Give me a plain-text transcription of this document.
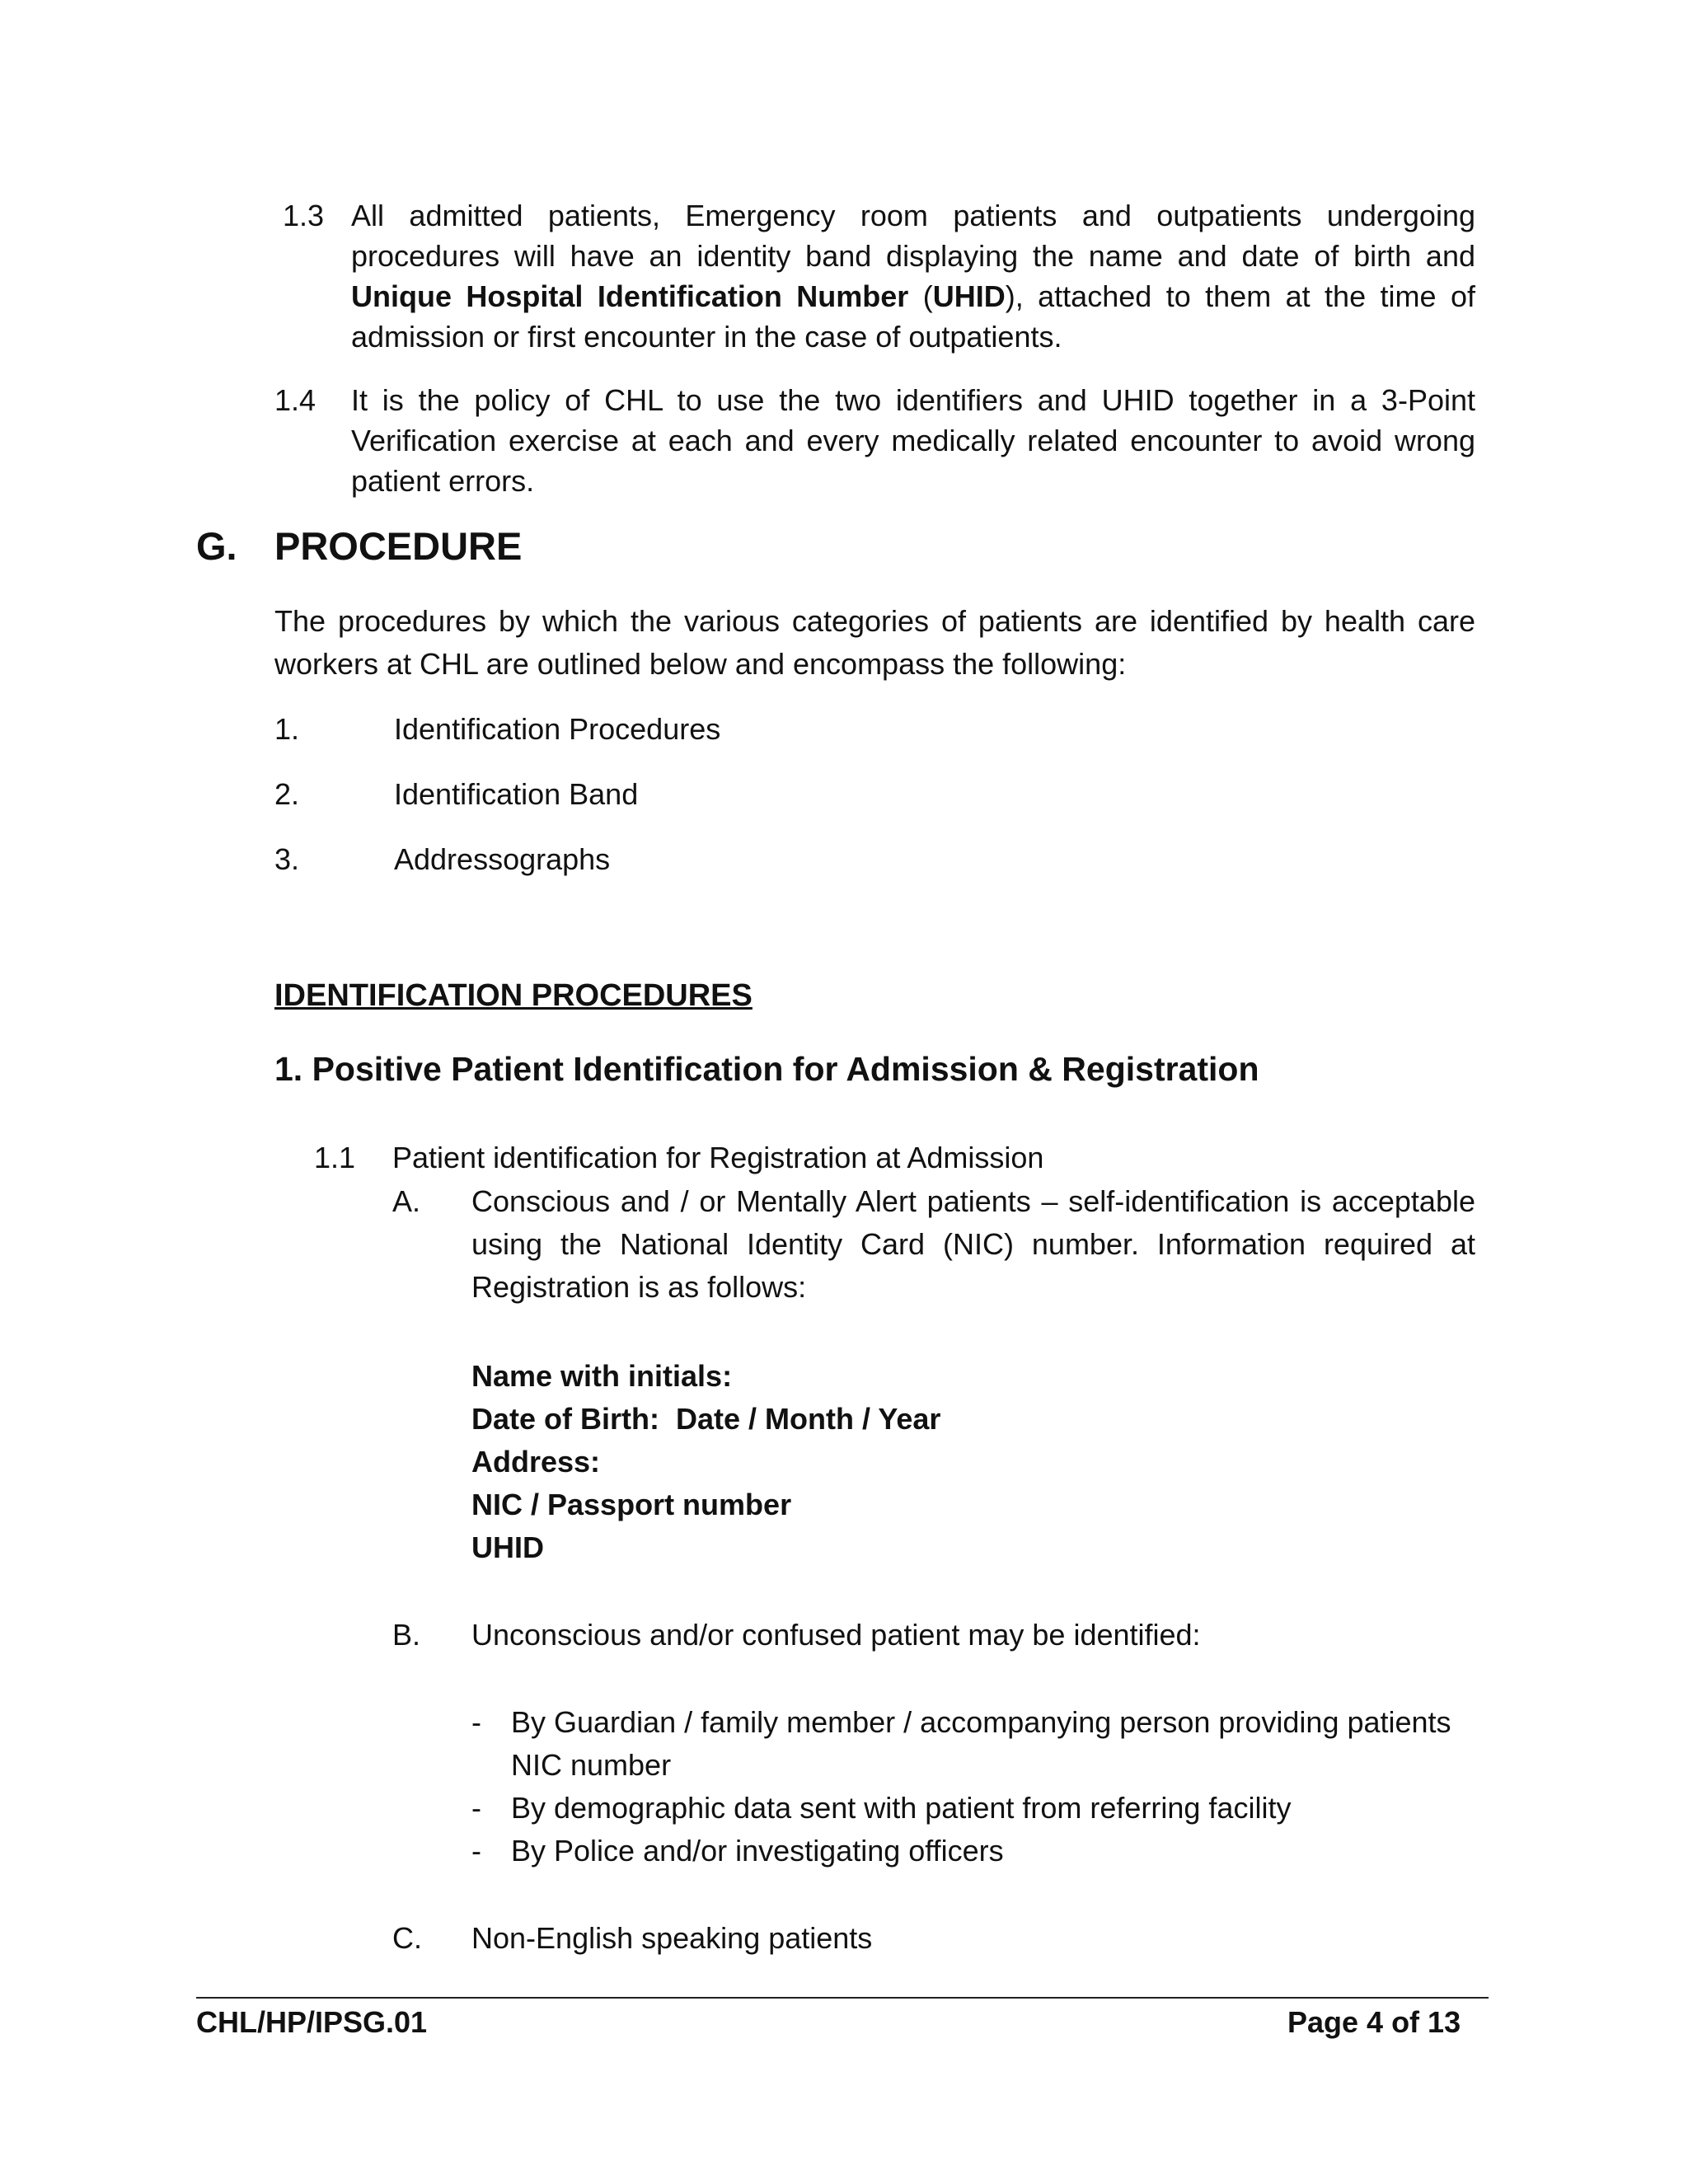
1.3 All admitted patients, Emergency room patients and outpatients undergoing procedures will have an identity band displaying the name and date of birth and Unique Hospital Identification Number (UHID), attached to them at the time of admission or first encounter in the case of outpatients.

1.4 It is the policy of CHL to use the two identifiers and UHID together in a 3-Point Verification exercise at each and every medically related encounter to avoid wrong patient errors.

G. PROCEDURE

The procedures by which the various categories of patients are identified by health care workers at CHL are outlined below and encompass the following:

1.	Identification Procedures
2.	Identification Band
3.	Addressographs
IDENTIFICATION PROCEDURES
1. Positive Patient Identification for Admission & Registration
1.1 Patient identification for Registration at Admission
A. Conscious and / or Mentally Alert patients – self-identification is acceptable using the National Identity Card (NIC) number. Information required at Registration is as follows:

Name with initials:
Date of Birth:  Date / Month / Year
Address:
NIC / Passport number
UHID
B. Unconscious and/or confused patient may be identified:
- By Guardian / family member / accompanying person providing patients NIC number
- By demographic data sent with patient from referring facility
- By Police and/or investigating officers
C. Non-English speaking patients
CHL/HP/IPSG.01	Page 4 of 13
